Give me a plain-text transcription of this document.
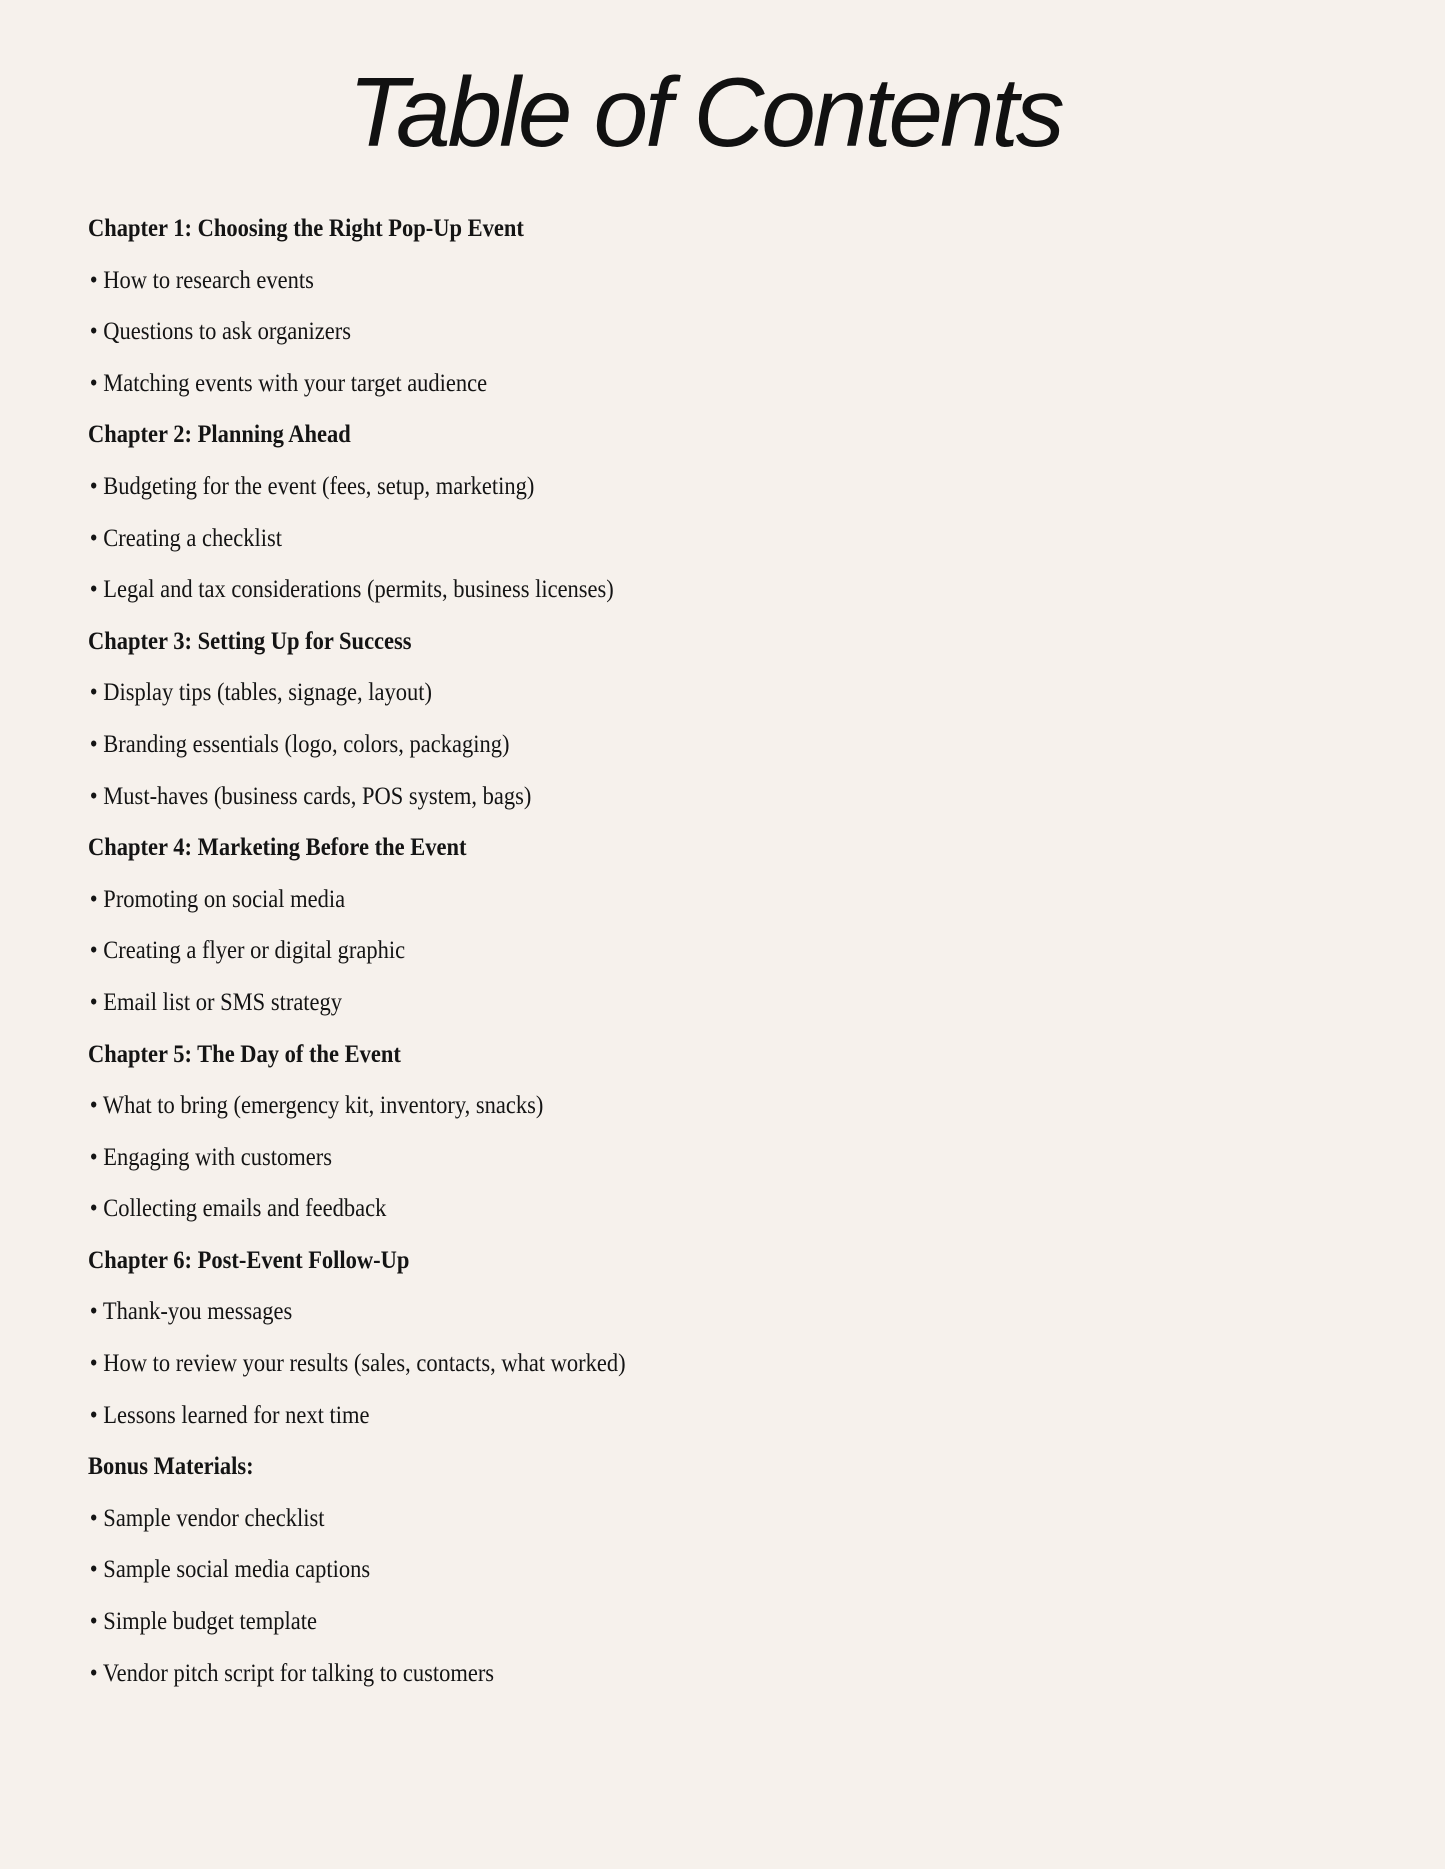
Table of Contents
Chapter 1: Choosing the Right Pop-Up Event
• How to research events
• Questions to ask organizers
• Matching events with your target audience
Chapter 2: Planning Ahead
• Budgeting for the event (fees, setup, marketing)
• Creating a checklist
• Legal and tax considerations (permits, business licenses)
Chapter 3: Setting Up for Success
• Display tips (tables, signage, layout)
• Branding essentials (logo, colors, packaging)
• Must-haves (business cards, POS system, bags)
Chapter 4: Marketing Before the Event
• Promoting on social media
• Creating a flyer or digital graphic
• Email list or SMS strategy
Chapter 5: The Day of the Event
• What to bring (emergency kit, inventory, snacks)
• Engaging with customers
• Collecting emails and feedback
Chapter 6: Post-Event Follow-Up
• Thank-you messages
• How to review your results (sales, contacts, what worked)
• Lessons learned for next time
Bonus Materials:
• Sample vendor checklist
• Sample social media captions
• Simple budget template
• Vendor pitch script for talking to customers
